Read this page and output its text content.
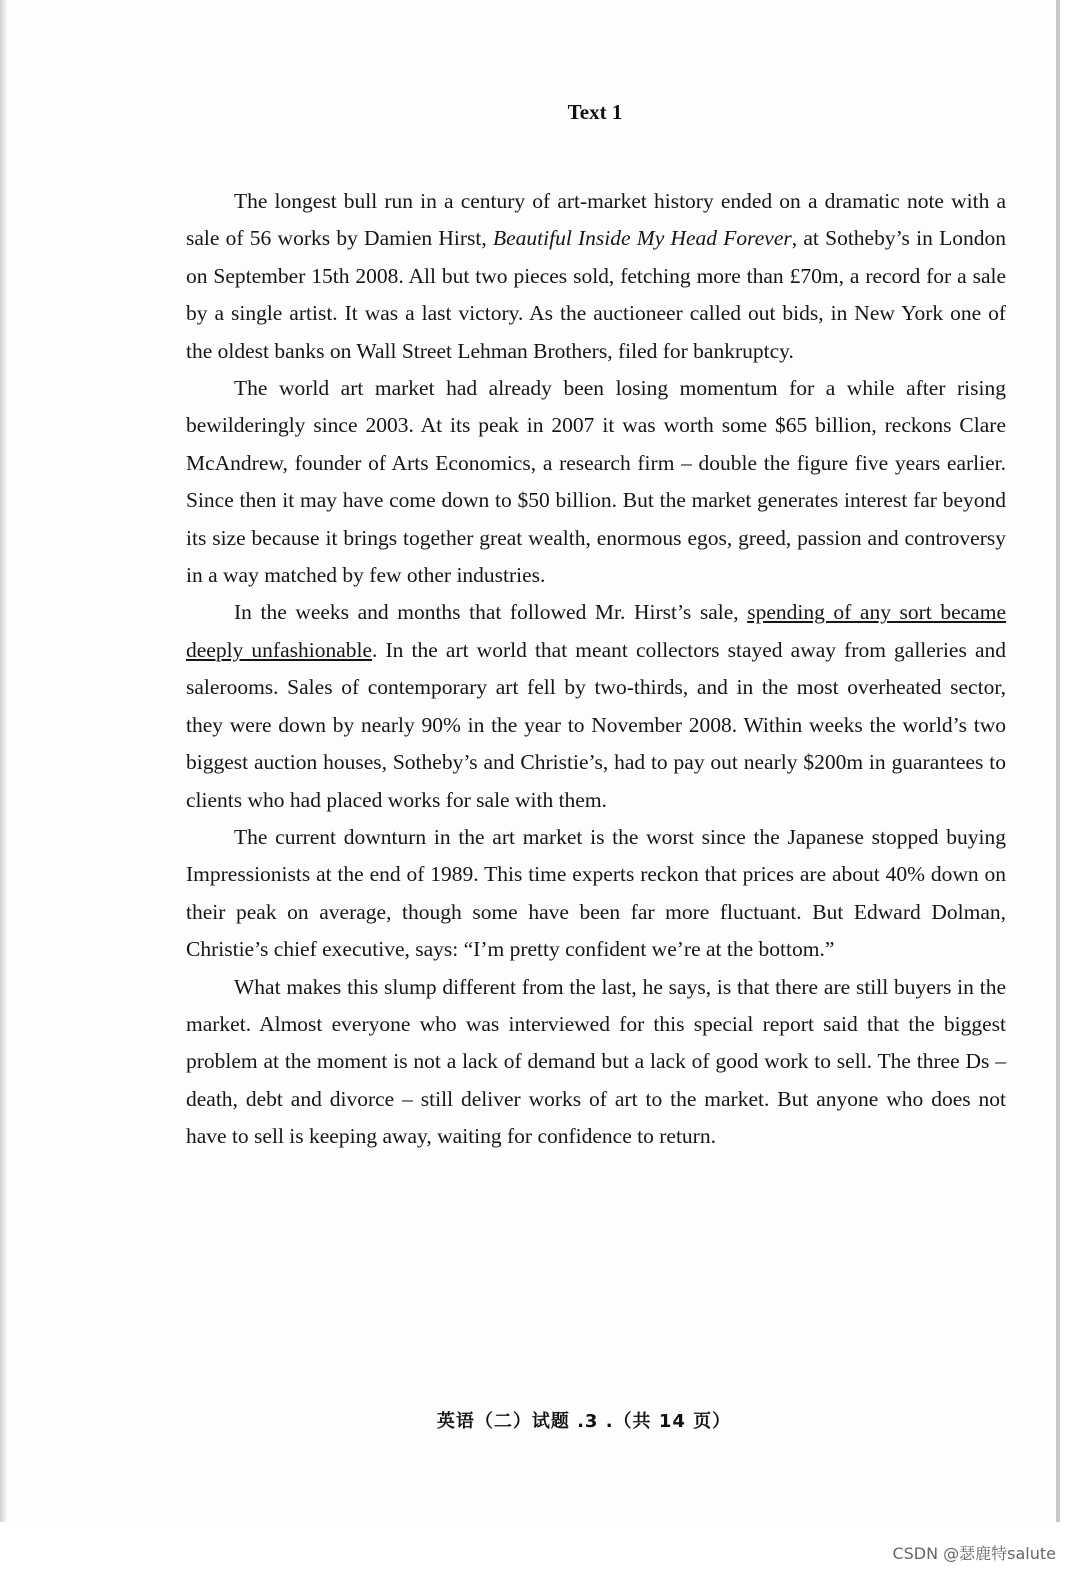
Text 1

The longest bull run in a century of art-market history ended on a dramatic note with a sale of 56 works by Damien Hirst, Beautiful Inside My Head Forever, at Sotheby’s in London on September 15th 2008. All but two pieces sold, fetching more than £70m, a record for a sale by a single artist. It was a last victory. As the auctioneer called out bids, in New York one of the oldest banks on Wall Street Lehman Brothers, filed for bankruptcy.

The world art market had already been losing momentum for a while after rising bewilderingly since 2003. At its peak in 2007 it was worth some $65 billion, reckons Clare McAndrew, founder of Arts Economics, a research firm – double the figure five years earlier. Since then it may have come down to $50 billion. But the market generates interest far beyond its size because it brings together great wealth, enormous egos, greed, passion and controversy in a way matched by few other industries.

In the weeks and months that followed Mr. Hirst’s sale, spending of any sort became deeply unfashionable. In the art world that meant collectors stayed away from galleries and salerooms. Sales of contemporary art fell by two-thirds, and in the most overheated sector, they were down by nearly 90% in the year to November 2008. Within weeks the world’s two biggest auction houses, Sotheby’s and Christie’s, had to pay out nearly $200m in guarantees to clients who had placed works for sale with them.

The current downturn in the art market is the worst since the Japanese stopped buying Impressionists at the end of 1989. This time experts reckon that prices are about 40% down on their peak on average, though some have been far more fluctuant. But Edward Dolman, Christie’s chief executive, says: “I’m pretty confident we’re at the bottom.”

What makes this slump different from the last, he says, is that there are still buyers in the market. Almost everyone who was interviewed for this special report said that the biggest problem at the moment is not a lack of demand but a lack of good work to sell. The three Ds – death, debt and divorce – still deliver works of art to the market. But anyone who does not have to sell is keeping away, waiting for confidence to return.

英语（二）试题 .3 .（共 14 页）
CSDN @瑟鹿特salute
